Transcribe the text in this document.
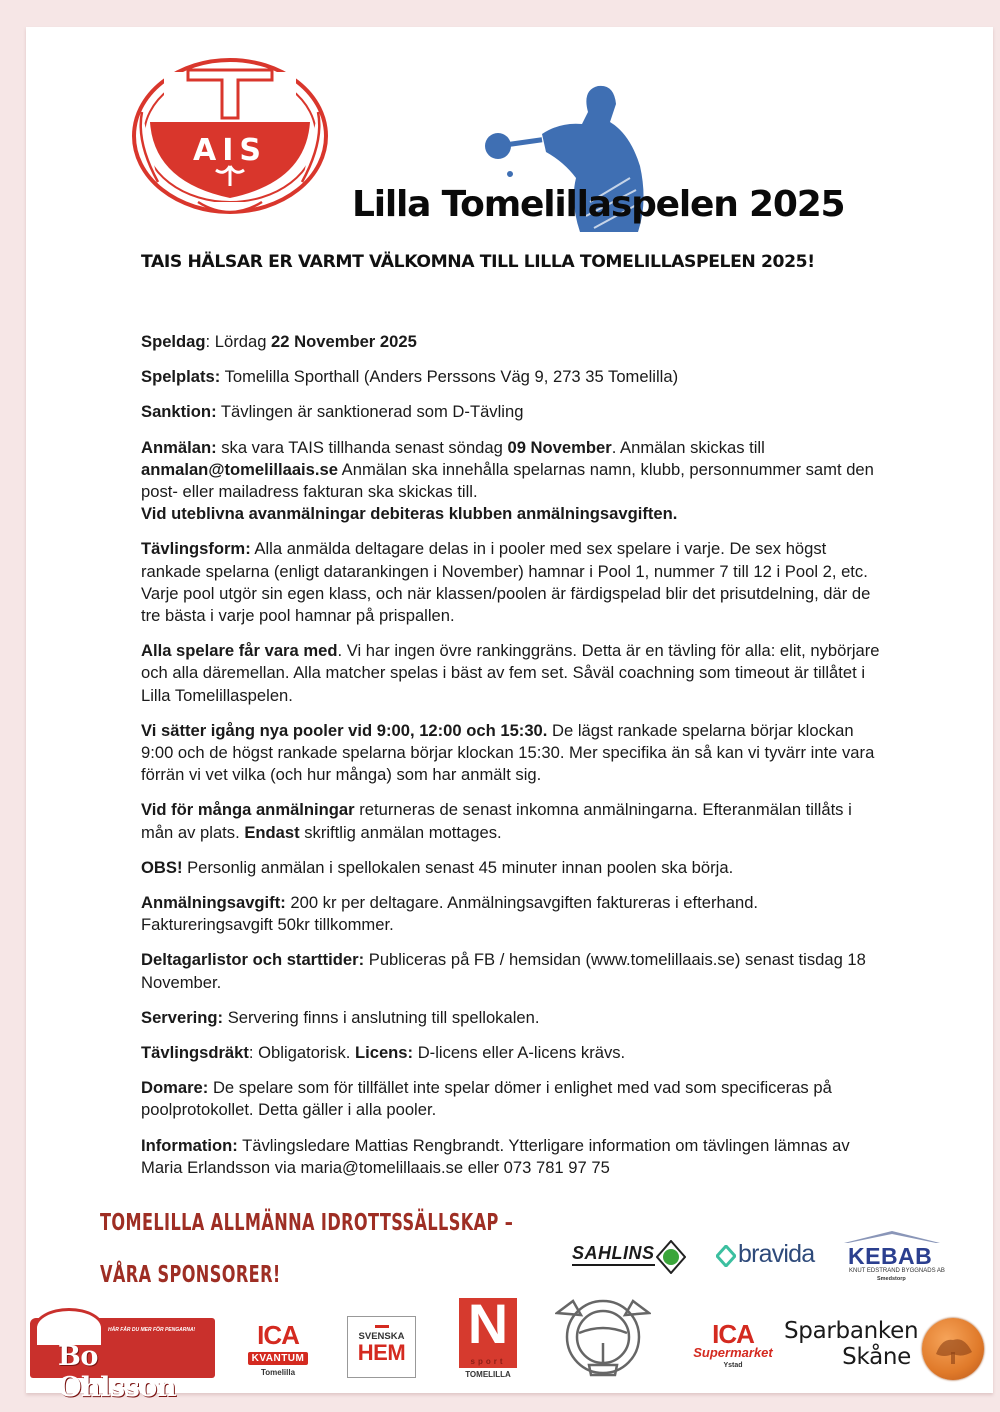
AIS
Lilla Tomelillaspelen 2025
TAIS HÄLSAR ER VARMT VÄLKOMNA TILL LILLA TOMELILLASPELEN 2025!

Speldag: Lördag 22 November 2025

Spelplats: Tomelilla Sporthall (Anders Perssons Väg 9, 273 35 Tomelilla)

Sanktion: Tävlingen är sanktionerad som D-Tävling

Anmälan: ska vara TAIS tillhanda senast söndag 09 November. Anmälan skickas till anmalan@tomelillaais.se Anmälan ska innehålla spelarnas namn, klubb, personnummer samt den post- eller mailadress fakturan ska skickas till.
Vid uteblivna avanmälningar debiteras klubben anmälningsavgiften.

Tävlingsform: Alla anmälda deltagare delas in i pooler med sex spelare i varje. De sex högst rankade spelarna (enligt datarankingen i November) hamnar i Pool 1, nummer 7 till 12 i Pool 2, etc. Varje pool utgör sin egen klass, och när klassen/poolen är färdigspelad blir det prisutdelning, där de tre bästa i varje pool hamnar på prispallen.

Alla spelare får vara med. Vi har ingen övre rankinggräns. Detta är en tävling för alla: elit, nybörjare och alla däremellan. Alla matcher spelas i bäst av fem set. Såväl coachning som timeout är tillåtet i Lilla Tomelillaspelen.

Vi sätter igång nya pooler vid 9:00, 12:00 och 15:30. De lägst rankade spelarna börjar klockan 9:00 och de högst rankade spelarna börjar klockan 15:30. Mer specifika än så kan vi tyvärr inte vara förrän vi vet vilka (och hur många) som har anmält sig.

Vid för många anmälningar returneras de senast inkomna anmälningarna. Efteranmälan tillåts i mån av plats. Endast skriftlig anmälan mottages.

OBS! Personlig anmälan i spellokalen senast 45 minuter innan poolen ska börja.

Anmälningsavgift: 200 kr per deltagare. Anmälningsavgiften faktureras i efterhand. Faktureringsavgift 50kr tillkommer.

Deltagarlistor och starttider: Publiceras på FB / hemsidan (www.tomelillaais.se) senast tisdag 18 November.

Servering: Servering finns i anslutning till spellokalen.

Tävlingsdräkt: Obligatorisk. Licens: D-licens eller A-licens krävs.

Domare: De spelare som för tillfället inte spelar dömer i enlighet med vad som specificeras på poolprotokollet. Detta gäller i alla pooler.

Information: Tävlingsledare Mattias Rengbrandt. Ytterligare information om tävlingen lämnas av Maria Erlandsson via maria@tomelillaais.se eller 073 781 97 75

TOMELILLA ALLMÄNNA IDROTTSSÄLLSKAP –
VÅRA SPONSORER!
SAHLINS	bravida KEBAB
KNUT EDSTRAND BYGGNADS AB
Smedstorp
HÄR FÅR DU MER FÖR PENGARNA!
Bo Ohlsson
ICA
KVANTUM
Tomelilla
SVENSKA
HEM N
sport
TOMELILLA
ICA
Supermarket
Ystad
Sparbanken
Skåne
